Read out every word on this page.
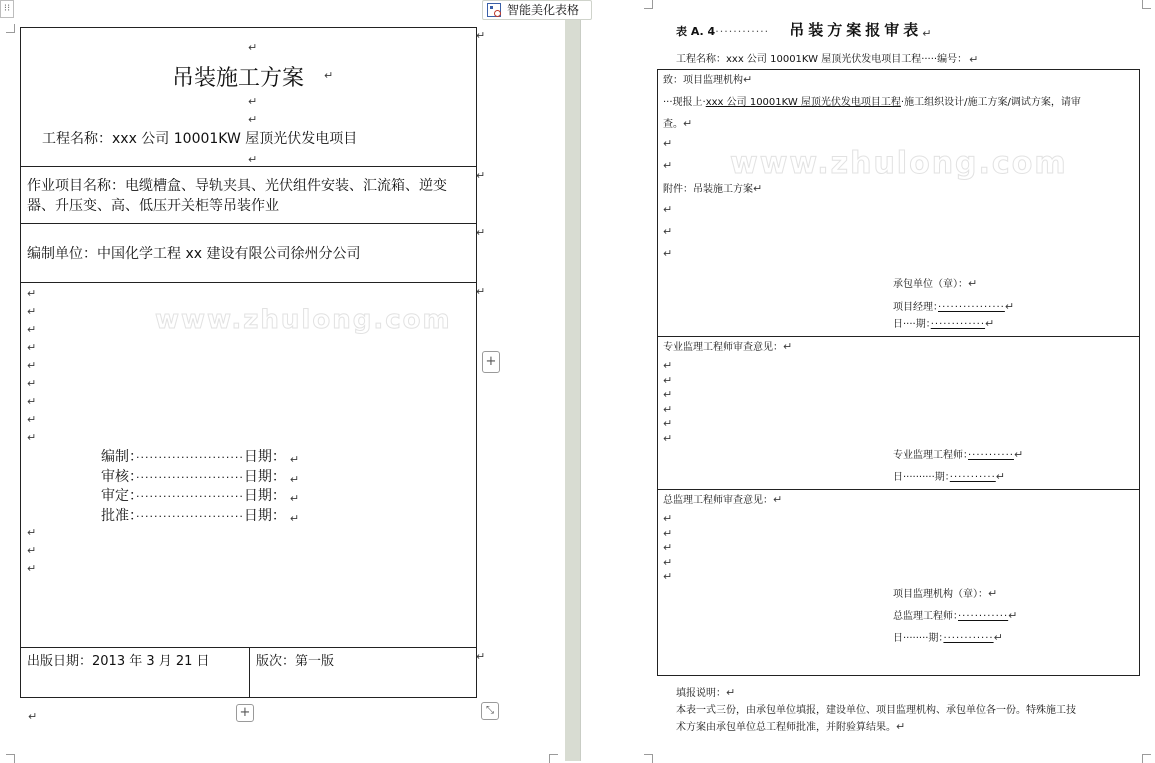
⁝⁝	智能美化表格
↵
↵
↵
↵
↵
↵
吊装施工方案 ↵
↵
↵
工程名称：xxx 公司 10001KW 屋顶光伏发电项目
↵
作业项目名称：电缆槽盒、导轨夹具、光伏组件安装、汇流箱、逆变
器、升压变、高、低压开关柜等吊装作业
编制单位：中国化学工程 xx 建设有限公司徐州分公司
↵
↵
↵
↵
↵
↵
↵
↵
↵
www.zhulong.com
编制：························日期： ↵
审核：························日期： ↵
审定：························日期： ↵
批准：························日期： ↵
↵
↵
↵
出版日期：2013 年 3 月 21 日	版次：第一版
↵	+
+
⤡
表 A. 4············ 吊装方案报审表↵
工程名称：xxx 公司 10001KW 屋顶光伏发电项目工程·····编号： ↵
致：项目监理机构↵
···现报上·xxx 公司 10001KW 屋顶光伏发电项目工程·施工组织设计/施工方案/调试方案，请审
查。↵
↵
↵ www.zhulong.com
附件：吊装施工方案↵
↵
↵
↵
承包单位（章）：↵
项目经理：················↵
日····期：·············↵
专业监理工程师审查意见：↵
↵
↵
↵
↵
↵
↵
专业监理工程师：···········↵
日··········期：···········↵
总监理工程师审查意见：↵
↵
↵
↵
↵
↵
项目监理机构（章）：↵
总监理工程师：············↵
日········期：············↵
填报说明：↵
本表一式三份，由承包单位填报，建设单位、项目监理机构、承包单位各一份。特殊施工技
术方案由承包单位总工程师批准，并附验算结果。↵
